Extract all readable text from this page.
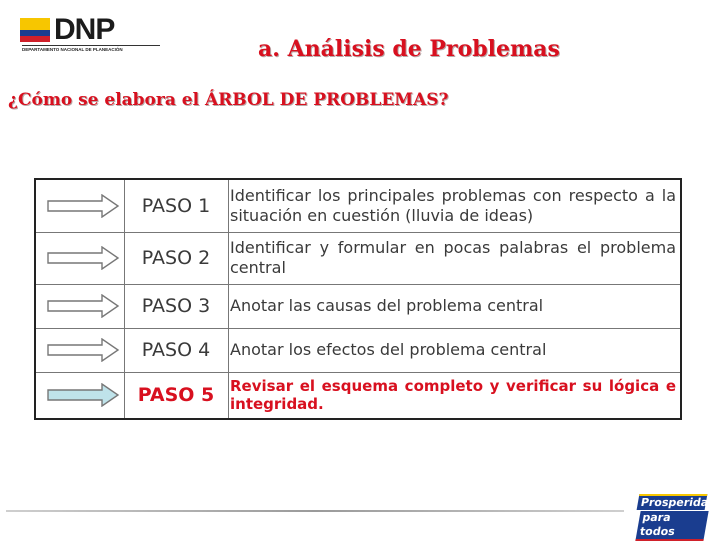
DNP
DEPARTAMENTO NACIONAL DE PLANEACIÓN	a. Análisis de Problemas
¿Cómo se elabora el ÁRBOL DE PROBLEMAS?
PASO 1	Identificar los principales problemas con respecto a la situación en cuestión (lluvia de ideas)
PASO 2	Identificar y formular en pocas palabras el problema central
PASO 3	Anotar las causas del problema central
PASO 4	Anotar los efectos del problema central
PASO 5	Revisar el esquema completo y verificar su lógica e integridad.
Prosperidad
para todos
